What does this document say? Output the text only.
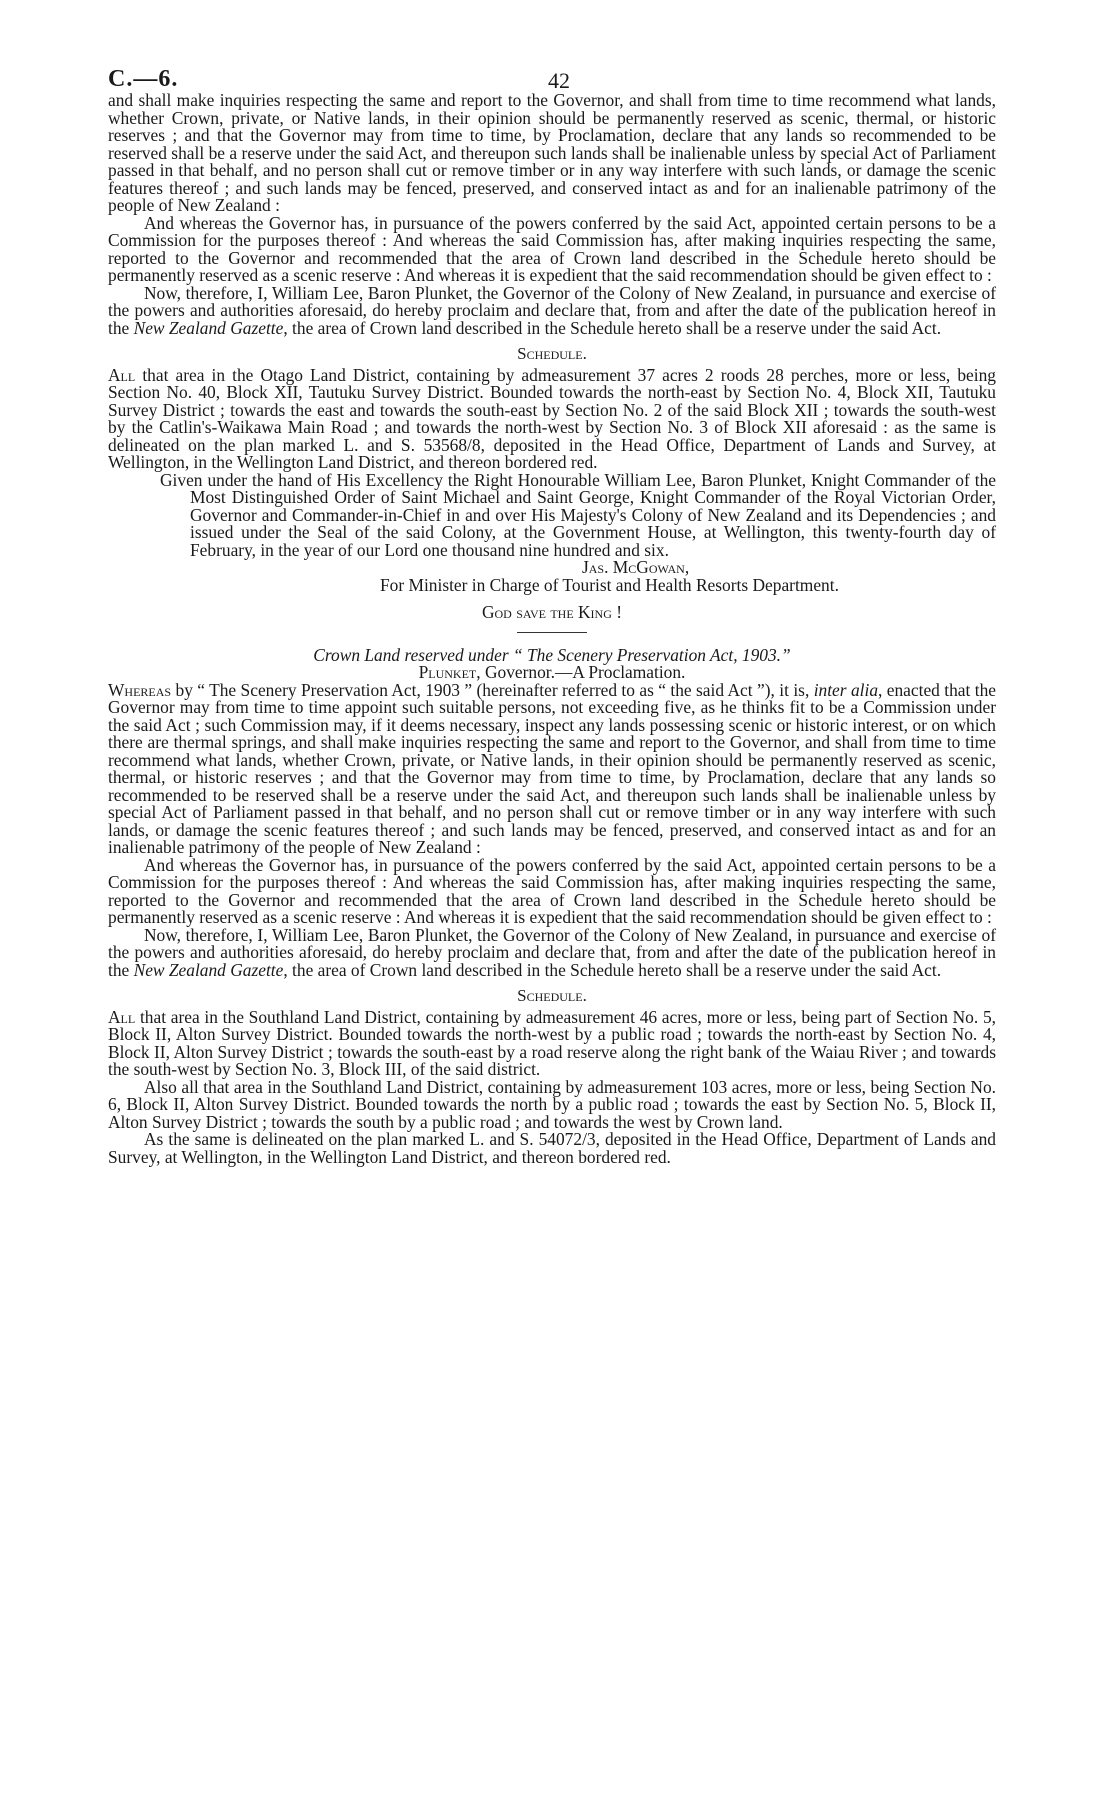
C.—6.	42

and shall make inquiries respecting the same and report to the Governor, and shall from time to time recommend what lands, whether Crown, private, or Native lands, in their opinion should be permanently reserved as scenic, thermal, or historic reserves ; and that the Governor may from time to time, by Proclamation, declare that any lands so recommended to be reserved shall be a reserve under the said Act, and thereupon such lands shall be inalienable unless by special Act of Parliament passed in that behalf, and no person shall cut or remove timber or in any way interfere with such lands, or damage the scenic features thereof ; and such lands may be fenced, preserved, and conserved intact as and for an inalienable patrimony of the people of New Zealand :

And whereas the Governor has, in pursuance of the powers conferred by the said Act, appointed certain persons to be a Commission for the purposes thereof : And whereas the said Commission has, after making inquiries respecting the same, reported to the Governor and recommended that the area of Crown land described in the Schedule hereto should be permanently reserved as a scenic reserve : And whereas it is expedient that the said recommendation should be given effect to :

Now, therefore, I, William Lee, Baron Plunket, the Governor of the Colony of New Zealand, in pursuance and exercise of the powers and authorities aforesaid, do hereby proclaim and declare that, from and after the date of the publication hereof in the New Zealand Gazette, the area of Crown land described in the Schedule hereto shall be a reserve under the said Act.

Schedule.

All that area in the Otago Land District, containing by admeasurement 37 acres 2 roods 28 perches, more or less, being Section No. 40, Block XII, Tautuku Survey District. Bounded towards the north-east by Section No. 4, Block XII, Tautuku Survey District ; towards the east and towards the south-east by Section No. 2 of the said Block XII ; towards the south-west by the Catlin's-Waikawa Main Road ; and towards the north-west by Section No. 3 of Block XII aforesaid : as the same is delineated on the plan marked L. and S. 53568/8, deposited in the Head Office, Department of Lands and Survey, at Wellington, in the Wellington Land District, and thereon bordered red.

Given under the hand of His Excellency the Right Honourable William Lee, Baron Plunket, Knight Commander of the Most Distinguished Order of Saint Michael and Saint George, Knight Commander of the Royal Victorian Order, Governor and Commander-in-Chief in and over His Majesty's Colony of New Zealand and its Dependencies ; and issued under the Seal of the said Colony, at the Government House, at Wellington, this twenty-fourth day of February, in the year of our Lord one thousand nine hundred and six.

Jas. McGowan,

For Minister in Charge of Tourist and Health Resorts Department.

God save the King !

Crown Land reserved under “ The Scenery Preservation Act, 1903.”

Plunket, Governor.—A Proclamation.

Whereas by “ The Scenery Preservation Act, 1903 ” (hereinafter referred to as “ the said Act ”), it is, inter alia, enacted that the Governor may from time to time appoint such suitable persons, not exceeding five, as he thinks fit to be a Commission under the said Act ; such Commission may, if it deems necessary, inspect any lands possessing scenic or historic interest, or on which there are thermal springs, and shall make inquiries respecting the same and report to the Governor, and shall from time to time recommend what lands, whether Crown, private, or Native lands, in their opinion should be permanently reserved as scenic, thermal, or historic reserves ; and that the Governor may from time to time, by Proclamation, declare that any lands so recommended to be reserved shall be a reserve under the said Act, and thereupon such lands shall be inalienable unless by special Act of Parliament passed in that behalf, and no person shall cut or remove timber or in any way interfere with such lands, or damage the scenic features thereof ; and such lands may be fenced, preserved, and conserved intact as and for an inalienable patrimony of the people of New Zealand :

And whereas the Governor has, in pursuance of the powers conferred by the said Act, appointed certain persons to be a Commission for the purposes thereof : And whereas the said Commission has, after making inquiries respecting the same, reported to the Governor and recommended that the area of Crown land described in the Schedule hereto should be permanently reserved as a scenic reserve : And whereas it is expedient that the said recommendation should be given effect to :

Now, therefore, I, William Lee, Baron Plunket, the Governor of the Colony of New Zealand, in pursuance and exercise of the powers and authorities aforesaid, do hereby proclaim and declare that, from and after the date of the publication hereof in the New Zealand Gazette, the area of Crown land described in the Schedule hereto shall be a reserve under the said Act.

Schedule.

All that area in the Southland Land District, containing by admeasurement 46 acres, more or less, being part of Section No. 5, Block II, Alton Survey District. Bounded towards the north-west by a public road ; towards the north-east by Section No. 4, Block II, Alton Survey District ; towards the south-east by a road reserve along the right bank of the Waiau River ; and towards the south-west by Section No. 3, Block III, of the said district.

Also all that area in the Southland Land District, containing by admeasurement 103 acres, more or less, being Section No. 6, Block II, Alton Survey District. Bounded towards the north by a public road ; towards the east by Section No. 5, Block II, Alton Survey District ; towards the south by a public road ; and towards the west by Crown land.

As the same is delineated on the plan marked L. and S. 54072/3, deposited in the Head Office, Department of Lands and Survey, at Wellington, in the Wellington Land District, and thereon bordered red.
